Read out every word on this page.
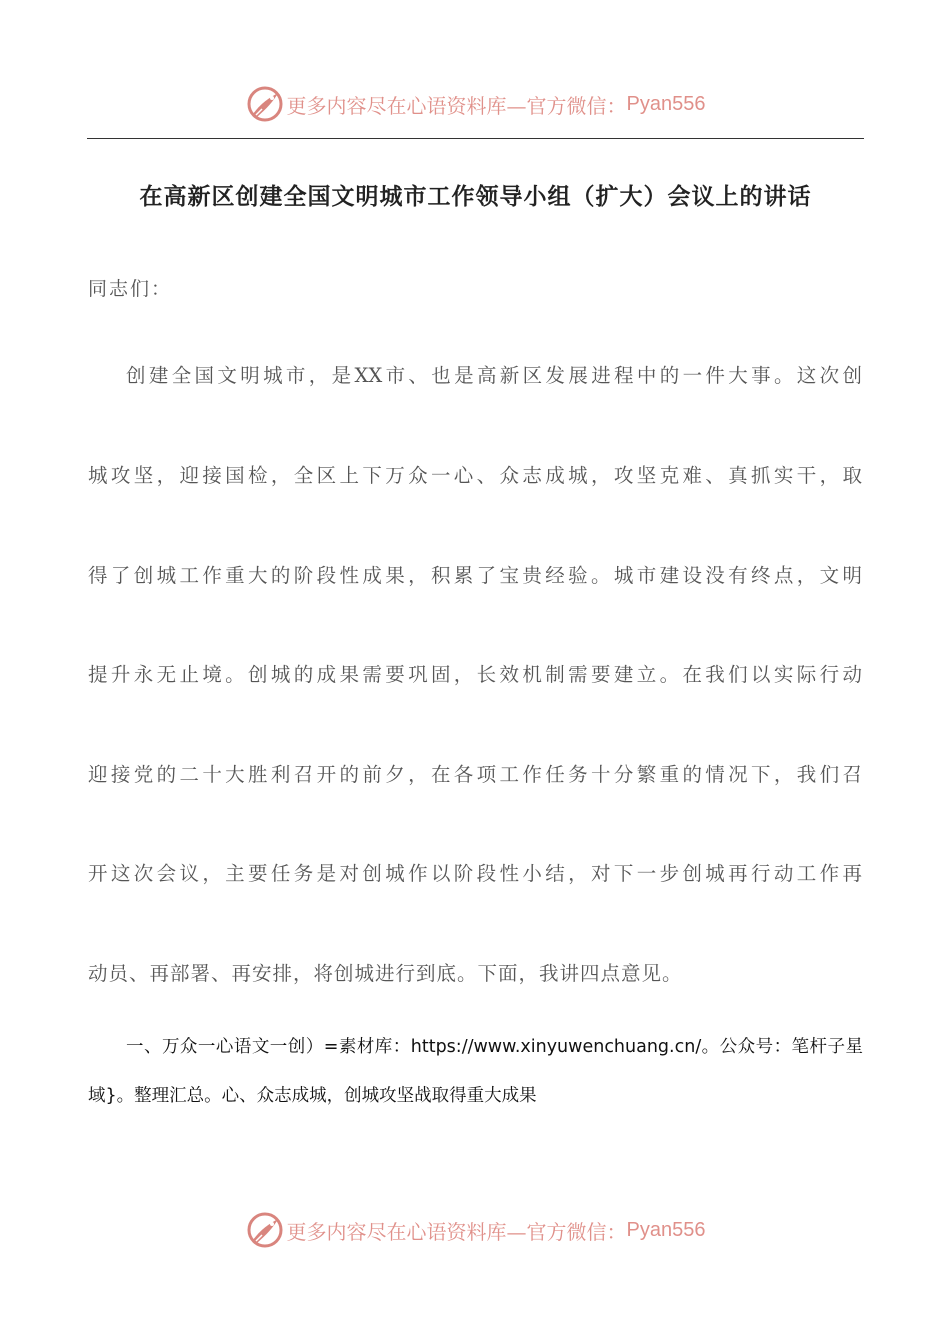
更多内容尽在心语资料库—官方微信： Pyan556
在高新区创建全国文明城市工作领导小组（扩大）会议上的讲话
同志们：
创建全国文明城市，是XX市、也是高新区发展进程中的一件大事。这次创
城攻坚，迎接国检，全区上下万众一心、众志成城，攻坚克难、真抓实干，取
得了创城工作重大的阶段性成果，积累了宝贵经验。城市建设没有终点，文明
提升永无止境。创城的成果需要巩固，长效机制需要建立。在我们以实际行动
迎接党的二十大胜利召开的前夕，在各项工作任务十分繁重的情况下，我们召
开这次会议，主要任务是对创城作以阶段性小结，对下一步创城再行动工作再
动员、再部署、再安排，将创城进行到底。下面，我讲四点意见。
一、万众一心语文一创）=素材库：https://www.xinyuwenchuang.cn/。公众号：笔杆子星
域}。整理汇总。心、众志成城，创城攻坚战取得重大成果
更多内容尽在心语资料库—官方微信： Pyan556
